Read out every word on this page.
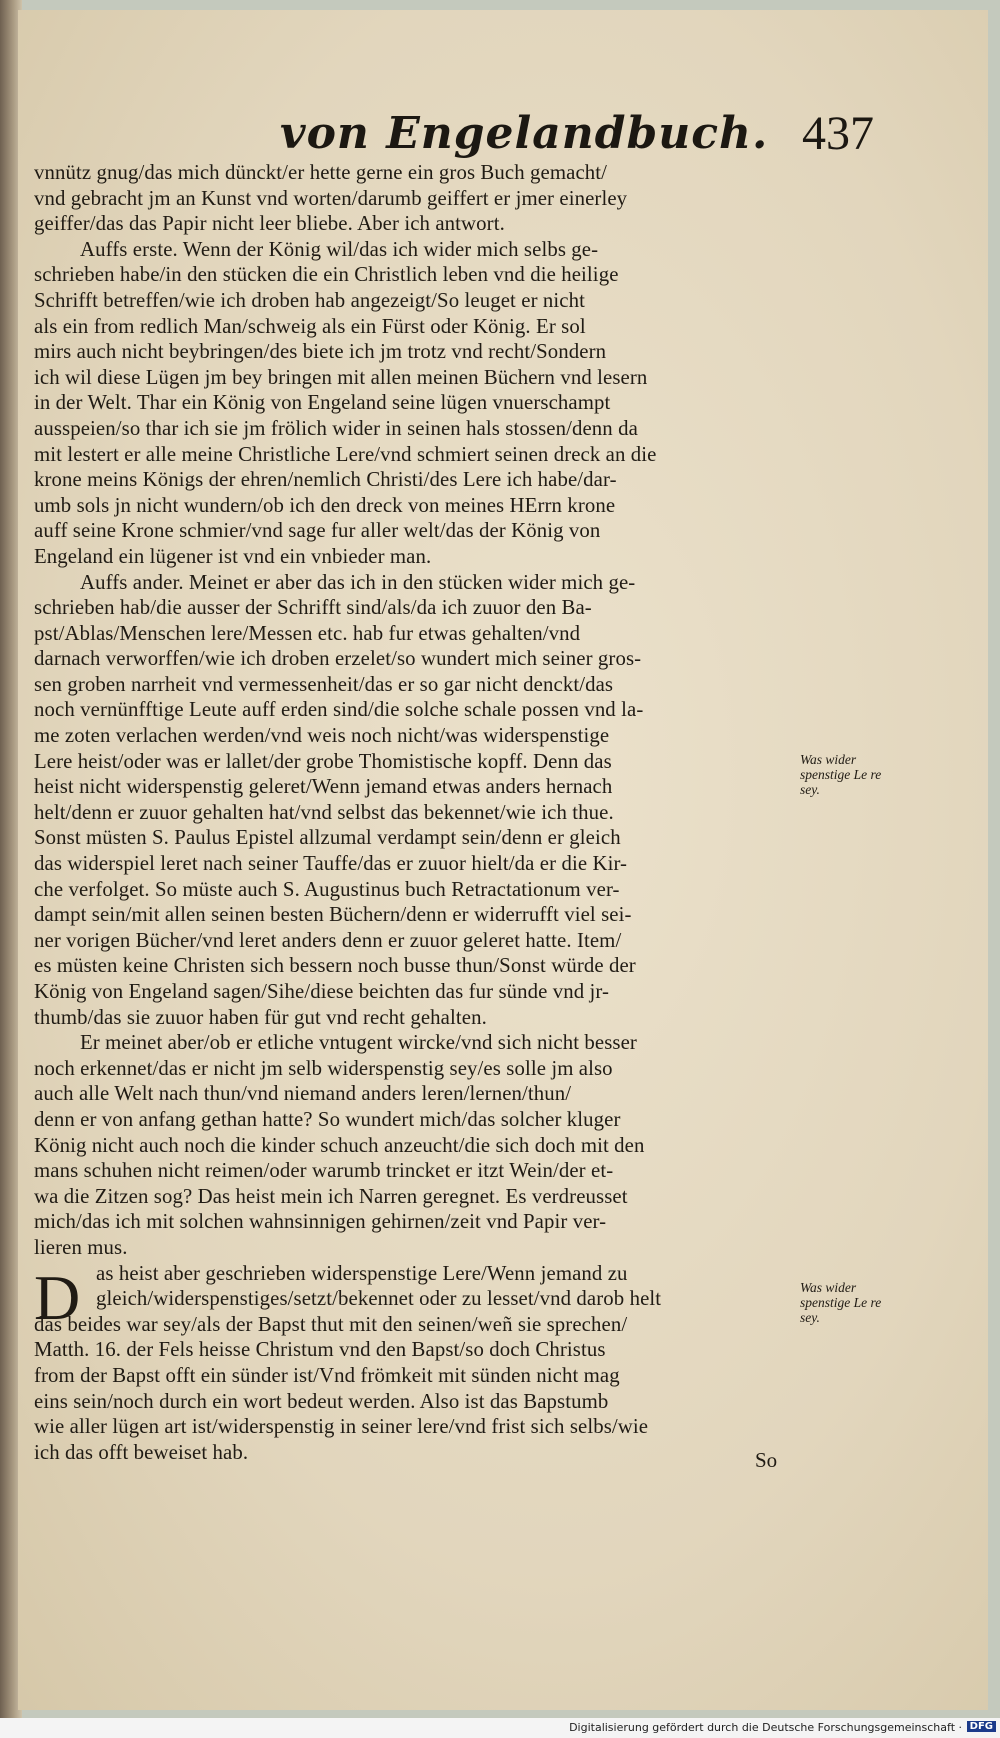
von Engelandbuch. 437
vnnütz gnug/das mich dünckt/er hette gerne ein gros Buch gemacht/
vnd gebracht jm an Kunst vnd worten/darumb geiffert er jmer einerley
geiffer/das das Papir nicht leer bliebe. Aber ich antwort.
Auffs erste. Wenn der König wil/das ich wider mich selbs ge-
schrieben habe/in den stücken die ein Christlich leben vnd die heilige
Schrifft betreffen/wie ich droben hab angezeigt/So leuget er nicht
als ein from redlich Man/schweig als ein Fürst oder König. Er sol
mirs auch nicht beybringen/des biete ich jm trotz vnd recht/Sondern
ich wil diese Lügen jm bey bringen mit allen meinen Büchern vnd lesern
in der Welt. Thar ein König von Engeland seine lügen vnuerschampt
ausspeien/so thar ich sie jm frölich wider in seinen hals stossen/denn da
mit lestert er alle meine Christliche Lere/vnd schmiert seinen dreck an die
krone meins Königs der ehren/nemlich Christi/des Lere ich habe/dar-
umb sols jn nicht wundern/ob ich den dreck von meines HErrn krone
auff seine Krone schmier/vnd sage fur aller welt/das der König von
Engeland ein lügener ist vnd ein vnbieder man.
Auffs ander. Meinet er aber das ich in den stücken wider mich ge-
schrieben hab/die ausser der Schrifft sind/als/da ich zuuor den Ba-
pst/Ablas/Menschen lere/Messen etc. hab fur etwas gehalten/vnd
darnach verworffen/wie ich droben erzelet/so wundert mich seiner gros-
sen groben narrheit vnd vermessenheit/das er so gar nicht denckt/das
noch vernünfftige Leute auff erden sind/die solche schale possen vnd la-
me zoten verlachen werden/vnd weis noch nicht/was widerspenstige
Lere heist/oder was er lallet/der grobe Thomistische kopff. Denn das
heist nicht widerspenstig geleret/Wenn jemand etwas anders hernach
helt/denn er zuuor gehalten hat/vnd selbst das bekennet/wie ich thue.
Sonst müsten S. Paulus Epistel allzumal verdampt sein/denn er gleich
das widerspiel leret nach seiner Tauffe/das er zuuor hielt/da er die Kir-
che verfolget. So müste auch S. Augustinus buch Retractationum ver-
dampt sein/mit allen seinen besten Büchern/denn er widerrufft viel sei-
ner vorigen Bücher/vnd leret anders denn er zuuor geleret hatte. Item/
es müsten keine Christen sich bessern noch busse thun/Sonst würde der
König von Engeland sagen/Sihe/diese beichten das fur sünde vnd jr-
thumb/das sie zuuor haben für gut vnd recht gehalten.
Er meinet aber/ob er etliche vntugent wircke/vnd sich nicht besser
noch erkennet/das er nicht jm selb widerspenstig sey/es solle jm also
auch alle Welt nach thun/vnd niemand anders leren/lernen/thun/
denn er von anfang gethan hatte? So wundert mich/das solcher kluger
König nicht auch noch die kinder schuch anzeucht/die sich doch mit den
mans schuhen nicht reimen/oder warumb trincket er itzt Wein/der et-
wa die Zitzen sog? Das heist mein ich Narren geregnet. Es verdreusset
mich/das ich mit solchen wahnsinnigen gehirnen/zeit vnd Papir ver-
lieren mus.
as heist aber geschrieben widerspenstige Lere/Wenn jemand zu
gleich/widerspenstiges/setzt/bekennet oder zu lesset/vnd darob helt
das beides war sey/als der Bapst thut mit den seinen/weñ sie sprechen/
Matth. 16. der Fels heisse Christum vnd den Bapst/so doch Christus
from der Bapst offt ein sünder ist/Vnd frömkeit mit sünden nicht mag
eins sein/noch durch ein wort bedeut werden. Also ist das Bapstumb
wie aller lügen art ist/widerspenstig in seiner lere/vnd frist sich selbs/wie
ich das offt beweiset hab.
D
Was wider spenstige Le re sey.
Was wider spenstige Le re sey.
So
Digitalisierung gefördert durch die Deutsche Forschungsgemeinschaft · DFG
